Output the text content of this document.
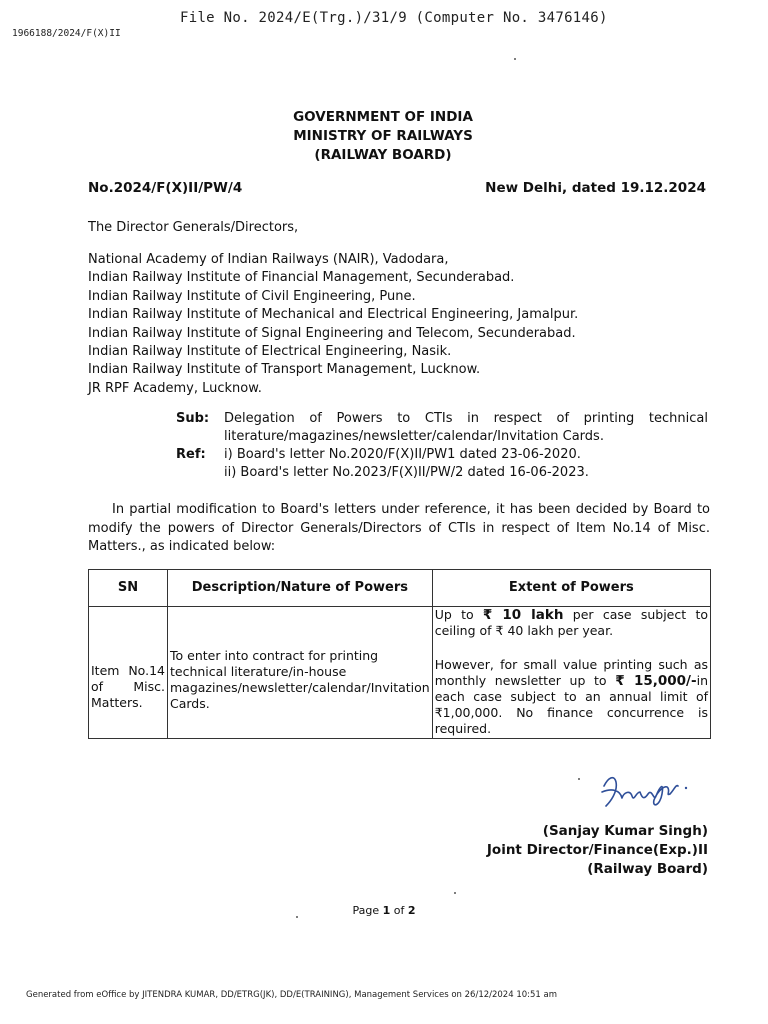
File No. 2024/E(Trg.)/31/9 (Computer No. 3476146)
1966188/2024/F(X)II
GOVERNMENT OF INDIA
MINISTRY OF RAILWAYS
(RAILWAY BOARD)
No.2024/F(X)II/PW/4	New Delhi, dated 19.12.2024
The Director Generals/Directors,
National Academy of Indian Railways (NAIR), Vadodara,
Indian Railway Institute of Financial Management, Secunderabad.
Indian Railway Institute of Civil Engineering, Pune.
Indian Railway Institute of Mechanical and Electrical Engineering, Jamalpur.
Indian Railway Institute of Signal Engineering and Telecom, Secunderabad.
Indian Railway Institute of Electrical Engineering, Nasik.
Indian Railway Institute of Transport Management, Lucknow.
JR RPF Academy, Lucknow.
Sub:	Delegation of Powers to CTIs in respect of printing technical
literature/magazines/newsletter/calendar/Invitation Cards.
Ref:	i) Board's letter No.2020/F(X)II/PW1 dated 23-06-2020.
ii) Board's letter No.2023/F(X)II/PW/2 dated 16-06-2023.
In partial modification to Board's letters under reference, it has been decided by Board to modify the powers of Director Generals/Directors of CTIs in respect of Item No.14 of Misc. Matters., as indicated below:
SN	Description/Nature of Powers	Extent of Powers
Item No.14 of Misc. Matters.	To enter into contract for printing technical literature/in-house magazines/newsletter/calendar/Invitation Cards.	Up to ₹ 10 lakh per case subject to ceiling of ₹ 40 lakh per year.
However, for small value printing such as monthly newsletter up to ₹ 15,000/-in each case subject to an annual limit of ₹1,00,000. No finance concurrence is required.
(Sanjay Kumar Singh)
Joint Director/Finance(Exp.)II
(Railway Board)
Page 1 of 2
Generated from eOffice by JITENDRA KUMAR, DD/ETRG(JK), DD/E(TRAINING), Management Services on 26/12/2024 10:51 am
